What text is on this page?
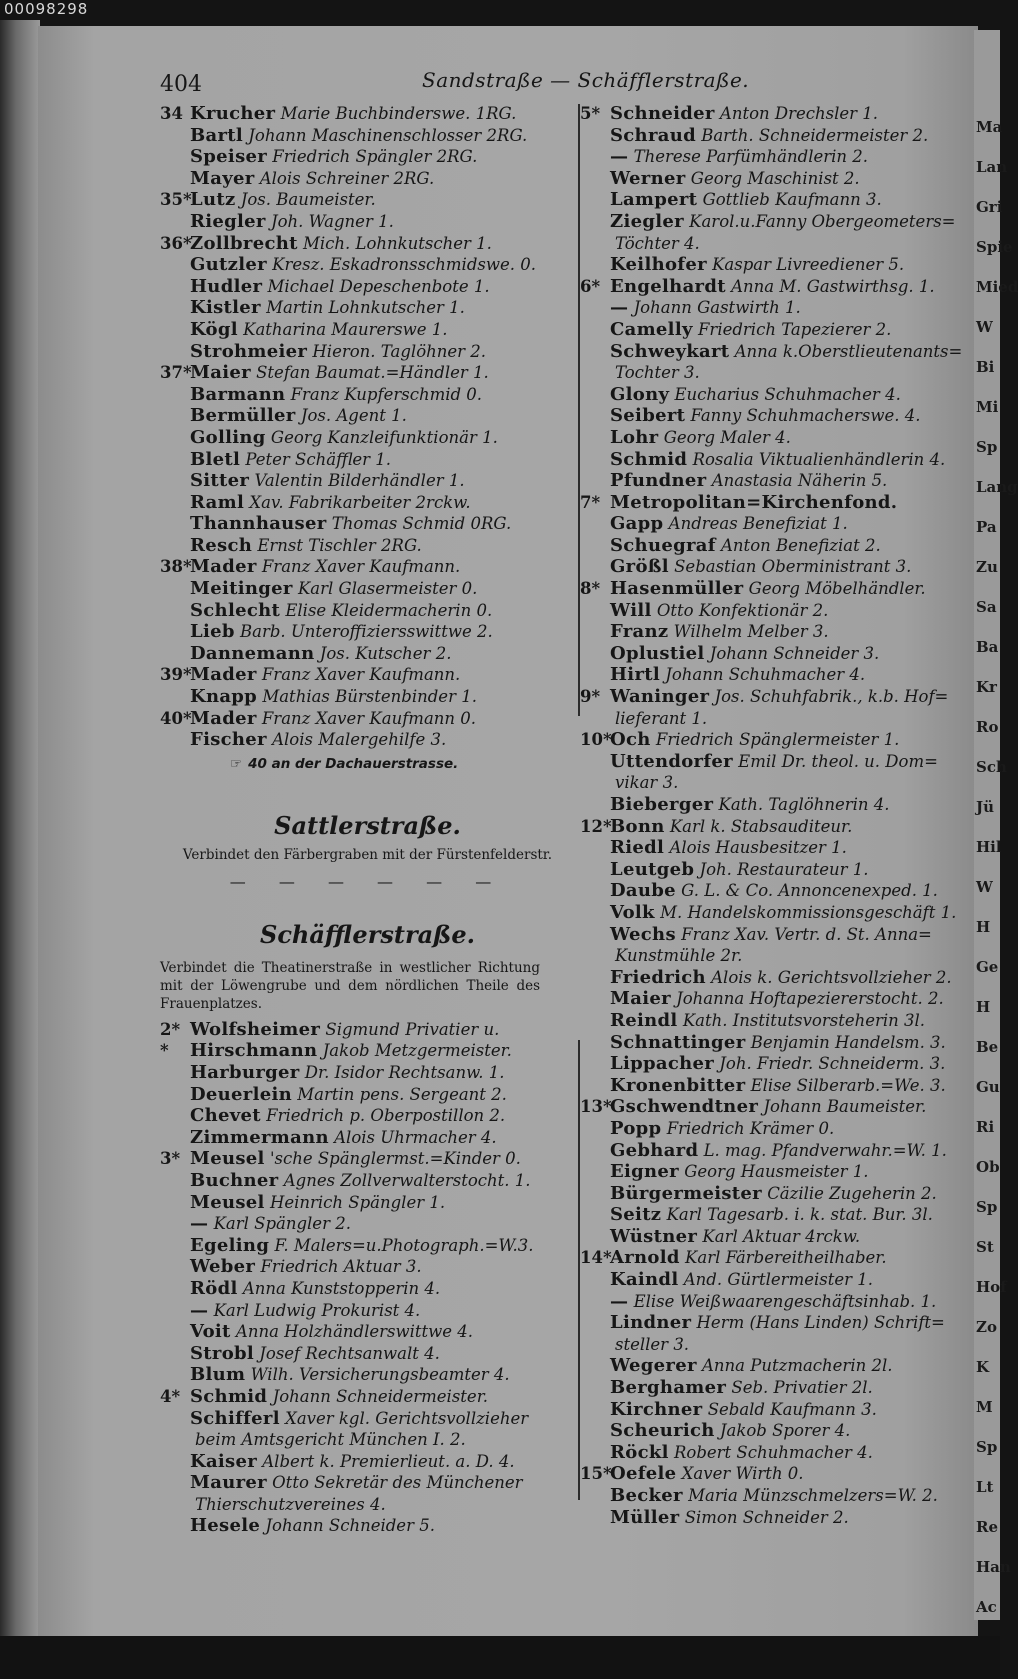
Ma
Lan
Gri
Spie
Mied
W
Bi
Mi
Sp
Lang
Pa
Zu
Sa
Ba
Kr
Ro
Sch
Jü
Hil
W
H
Ge
H
Be
Gu
Ri
Ob
Sp
St
Hof
Zo
K
M
Sp
Lt
Re
Han
Ac
00098298
404	Sandstraße — Schäfflerstraße.
34 Krucher Marie Buchbinderswe. 1RG.
Bartl Johann Maschinenschlosser 2RG.
Speiser Friedrich Spängler 2RG.
Mayer Alois Schreiner 2RG.
35*Lutz Jos. Baumeister.
Riegler Joh. Wagner 1.
36*Zollbrecht Mich. Lohnkutscher 1.
Gutzler Kresz. Eskadronsschmidswe. 0.
Hudler Michael Depeschenbote 1.
Kistler Martin Lohnkutscher 1.
Kögl Katharina Maurerswe 1.
Strohmeier Hieron. Taglöhner 2.
37*Maier Stefan Baumat.=Händler 1.
Barmann Franz Kupferschmid 0.
Bermüller Jos. Agent 1.
Golling Georg Kanzleifunktionär 1.
Bletl Peter Schäffler 1.
Sitter Valentin Bilderhändler 1.
Raml Xav. Fabrikarbeiter 2rckw.
Thannhauser Thomas Schmid 0RG.
Resch Ernst Tischler 2RG.
38*Mader Franz Xaver Kaufmann.
Meitinger Karl Glasermeister 0.
Schlecht Elise Kleidermacherin 0.
Lieb Barb. Unteroffiziersswittwe 2.
Dannemann Jos. Kutscher 2.
39*Mader Franz Xaver Kaufmann.
Knapp Mathias Bürstenbinder 1.
40*Mader Franz Xaver Kaufmann 0.
Fischer Alois Malergehilfe 3.
☞ 40 an der Dachauerstrasse.
Sattlerstraße.
Verbindet den Färbergraben mit der Fürstenfelderstr.
— — — — — —
Schäfflerstraße.
Verbindet die Theatinerstraße in westlicher Richtung mit der Löwengrube und dem nördlichen Theile des Frauenplatzes.
2* Wolfsheimer Sigmund Privatier u.
* Hirschmann Jakob Metzgermeister.
Harburger Dr. Isidor Rechtsanw. 1.
Deuerlein Martin pens. Sergeant 2.
Chevet Friedrich p. Oberpostillon 2.
Zimmermann Alois Uhrmacher 4.
3* Meusel 'sche Spänglermst.=Kinder 0.
Buchner Agnes Zollverwalterstocht. 1.
Meusel Heinrich Spängler 1.
— Karl Spängler 2.
Egeling F. Malers=u.Photograph.=W.3.
Weber Friedrich Aktuar 3.
Rödl Anna Kunststopperin 4.
— Karl Ludwig Prokurist 4.
Voit Anna Holzhändlerswittwe 4.
Strobl Josef Rechtsanwalt 4.
Blum Wilh. Versicherungsbeamter 4.
4* Schmid Johann Schneidermeister.
Schifferl Xaver kgl. Gerichtsvollzieher
beim Amtsgericht München I. 2.
Kaiser Albert k. Premierlieut. a. D. 4.
Maurer Otto Sekretär des Münchener
Thierschutzvereines 4.
Hesele Johann Schneider 5.
5* Schneider Anton Drechsler 1.
Schraud Barth. Schneidermeister 2.
— Therese Parfümhändlerin 2.
Werner Georg Maschinist 2.
Lampert Gottlieb Kaufmann 3.
Ziegler Karol.u.Fanny Obergeometers=
Töchter 4.
Keilhofer Kaspar Livreediener 5.
6* Engelhardt Anna M. Gastwirthsg. 1.
— Johann Gastwirth 1.
Camelly Friedrich Tapezierer 2.
Schweykart Anna k.Oberstlieutenants=
Tochter 3.
Glony Eucharius Schuhmacher 4.
Seibert Fanny Schuhmacherswe. 4.
Lohr Georg Maler 4.
Schmid Rosalia Viktualienhändlerin 4.
Pfundner Anastasia Näherin 5.
7* Metropolitan=Kirchenfond.
Gapp Andreas Benefiziat 1.
Schuegraf Anton Benefiziat 2.
Größl Sebastian Oberministrant 3.
8* Hasenmüller Georg Möbelhändler.
Will Otto Konfektionär 2.
Franz Wilhelm Melber 3.
Oplustiel Johann Schneider 3.
Hirtl Johann Schuhmacher 4.
9* Waninger Jos. Schuhfabrik., k.b. Hof=
lieferant 1.
10*Och Friedrich Spänglermeister 1.
Uttendorfer Emil Dr. theol. u. Dom=
vikar 3.
Bieberger Kath. Taglöhnerin 4.
12*Bonn Karl k. Stabsauditeur.
Riedl Alois Hausbesitzer 1.
Leutgeb Joh. Restaurateur 1.
Daube G. L. & Co. Annoncenexped. 1.
Volk M. Handelskommissionsgeschäft 1.
Wechs Franz Xav. Vertr. d. St. Anna=
Kunstmühle 2r.
Friedrich Alois k. Gerichtsvollzieher 2.
Maier Johanna Hoftapeziererstocht. 2.
Reindl Kath. Institutsvorsteherin 3l.
Schnattinger Benjamin Handelsm. 3.
Lippacher Joh. Friedr. Schneiderm. 3.
Kronenbitter Elise Silberarb.=We. 3.
13*Gschwendtner Johann Baumeister.
Popp Friedrich Krämer 0.
Gebhard L. mag. Pfandverwahr.=W. 1.
Eigner Georg Hausmeister 1.
Bürgermeister Cäzilie Zugeherin 2.
Seitz Karl Tagesarb. i. k. stat. Bur. 3l.
Wüstner Karl Aktuar 4rckw.
14*Arnold Karl Färbereitheilhaber.
Kaindl And. Gürtlermeister 1.
— Elise Weißwaarengeschäftsinhab. 1.
Lindner Herm (Hans Linden) Schrift=
steller 3.
Wegerer Anna Putzmacherin 2l.
Berghamer Seb. Privatier 2l.
Kirchner Sebald Kaufmann 3.
Scheurich Jakob Sporer 4.
Röckl Robert Schuhmacher 4.
15*Oefele Xaver Wirth 0.
Becker Maria Münzschmelzers=W. 2.
Müller Simon Schneider 2.
